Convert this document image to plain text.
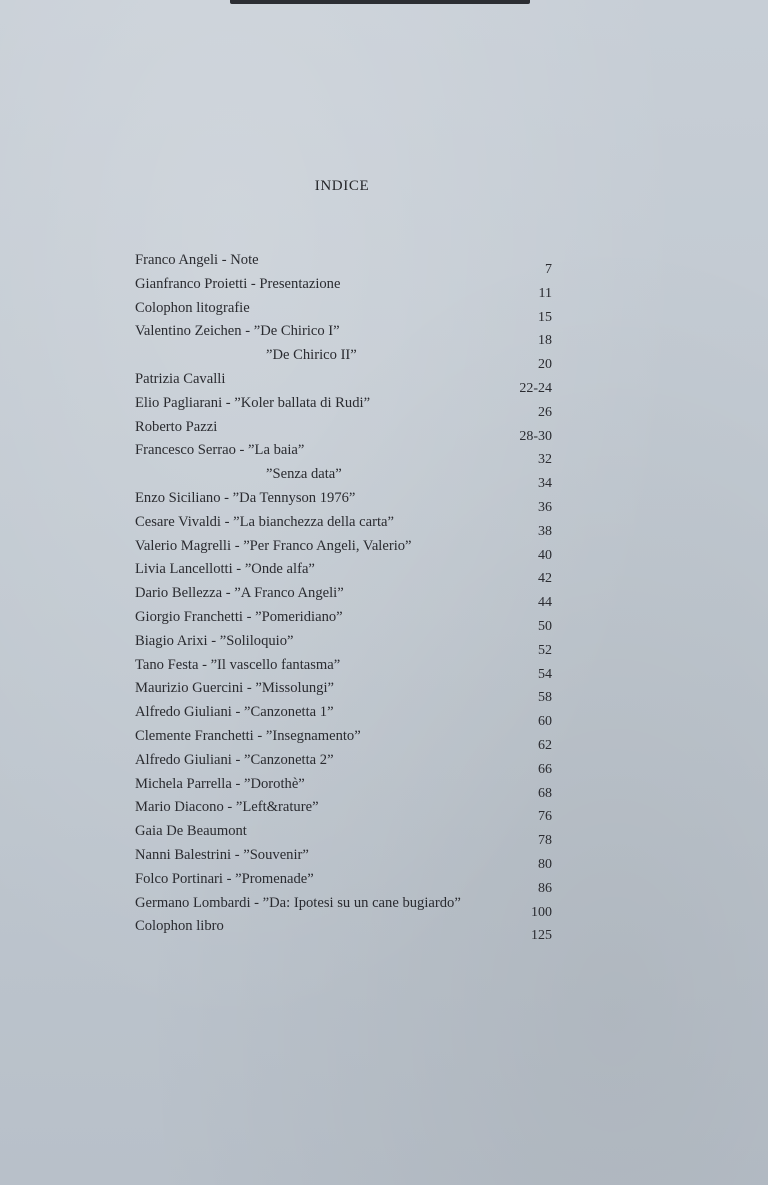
INDICE
Franco Angeli - Note
Gianfranco Proietti - Presentazione
Colophon litografie
Valentino Zeichen - ”De Chirico I”
”De Chirico II”
Patrizia Cavalli
Elio Pagliarani - ”Koler ballata di Rudi”
Roberto Pazzi
Francesco Serrao - ”La baia”
”Senza data”
Enzo Siciliano - ”Da Tennyson 1976”
Cesare Vivaldi - ”La bianchezza della carta”
Valerio Magrelli - ”Per Franco Angeli, Valerio”
Livia Lancellotti - ”Onde alfa”
Dario Bellezza - ”A Franco Angeli”
Giorgio Franchetti - ”Pomeridiano”
Biagio Arixi - ”Soliloquio”
Tano Festa - ”Il vascello fantasma”
Maurizio Guercini - ”Missolungi”
Alfredo Giuliani - ”Canzonetta 1”
Clemente Franchetti - ”Insegnamento”
Alfredo Giuliani - ”Canzonetta 2”
Michela Parrella - ”Dorothè”
Mario Diacono - ”Left&rature”
Gaia De Beaumont
Nanni Balestrini - ”Souvenir”
Folco Portinari - ”Promenade”
Germano Lombardi - ”Da: Ipotesi su un cane bugiardo”
Colophon libro
7
11
15
18
20
22-24
26
28-30
32
34
36
38
40
42
44
50
52
54
58
60
62
66
68
76
78
80
86
100
125
